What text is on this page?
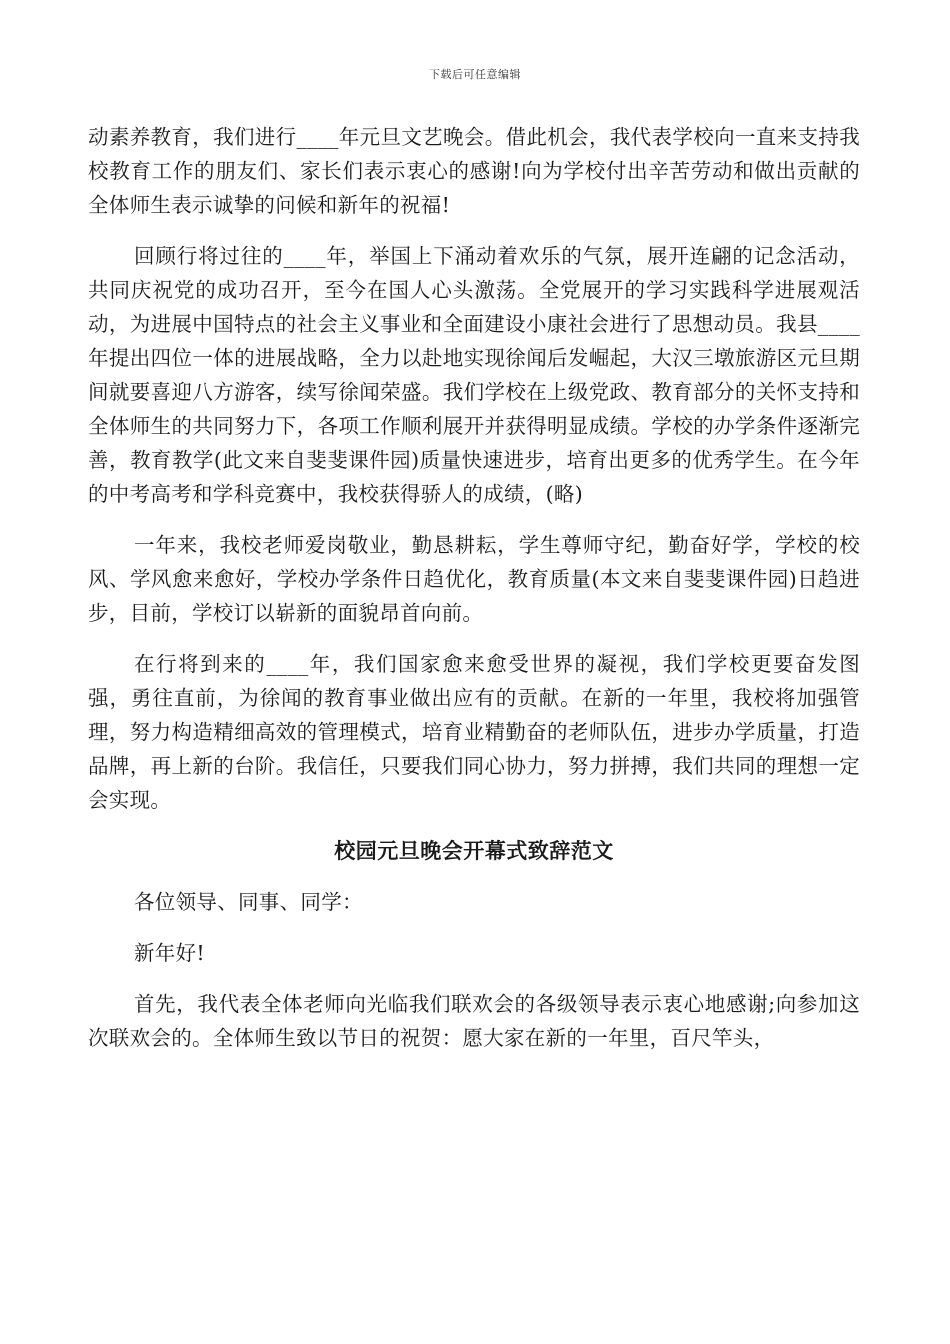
下载后可任意编辑

动素养教育，我们进行____年元旦文艺晚会。借此机会，我代表学校向一直来支持我校教育工作的朋友们、家长们表示衷心的感谢!向为学校付出辛苦劳动和做出贡献的全体师生表示诚挚的问候和新年的祝福!

回顾行将过往的____年，举国上下涌动着欢乐的气氛，展开连翩的记念活动，共同庆祝党的成功召开，至今在国人心头激荡。全党展开的学习实践科学进展观活动，为进展中国特点的社会主义事业和全面建设小康社会进行了思想动员。我县____年提出四位一体的进展战略，全力以赴地实现徐闻后发崛起，大汉三墩旅游区元旦期间就要喜迎八方游客，续写徐闻荣盛。我们学校在上级党政、教育部分的关怀支持和全体师生的共同努力下，各项工作顺利展开并获得明显成绩。学校的办学条件逐渐完善，教育教学(此文来自斐斐课件园)质量快速进步，培育出更多的优秀学生。在今年的中考高考和学科竞赛中，我校获得骄人的成绩，(略)

一年来，我校老师爱岗敬业，勤恳耕耘，学生尊师守纪，勤奋好学，学校的校风、学风愈来愈好，学校办学条件日趋优化，教育质量(本文来自斐斐课件园)日趋进步，目前，学校订以崭新的面貌昂首向前。

在行将到来的____年，我们国家愈来愈受世界的凝视，我们学校更要奋发图强，勇往直前，为徐闻的教育事业做出应有的贡献。在新的一年里，我校将加强管理，努力构造精细高效的管理模式，培育业精勤奋的老师队伍，进步办学质量，打造品牌，再上新的台阶。我信任，只要我们同心协力，努力拼搏，我们共同的理想一定会实现。

校园元旦晚会开幕式致辞范文

各位领导、同事、同学：

新年好!

首先，我代表全体老师向光临我们联欢会的各级领导表示衷心地感谢;向参加这次联欢会的。全体师生致以节日的祝贺：愿大家在新的一年里，百尺竿头，
